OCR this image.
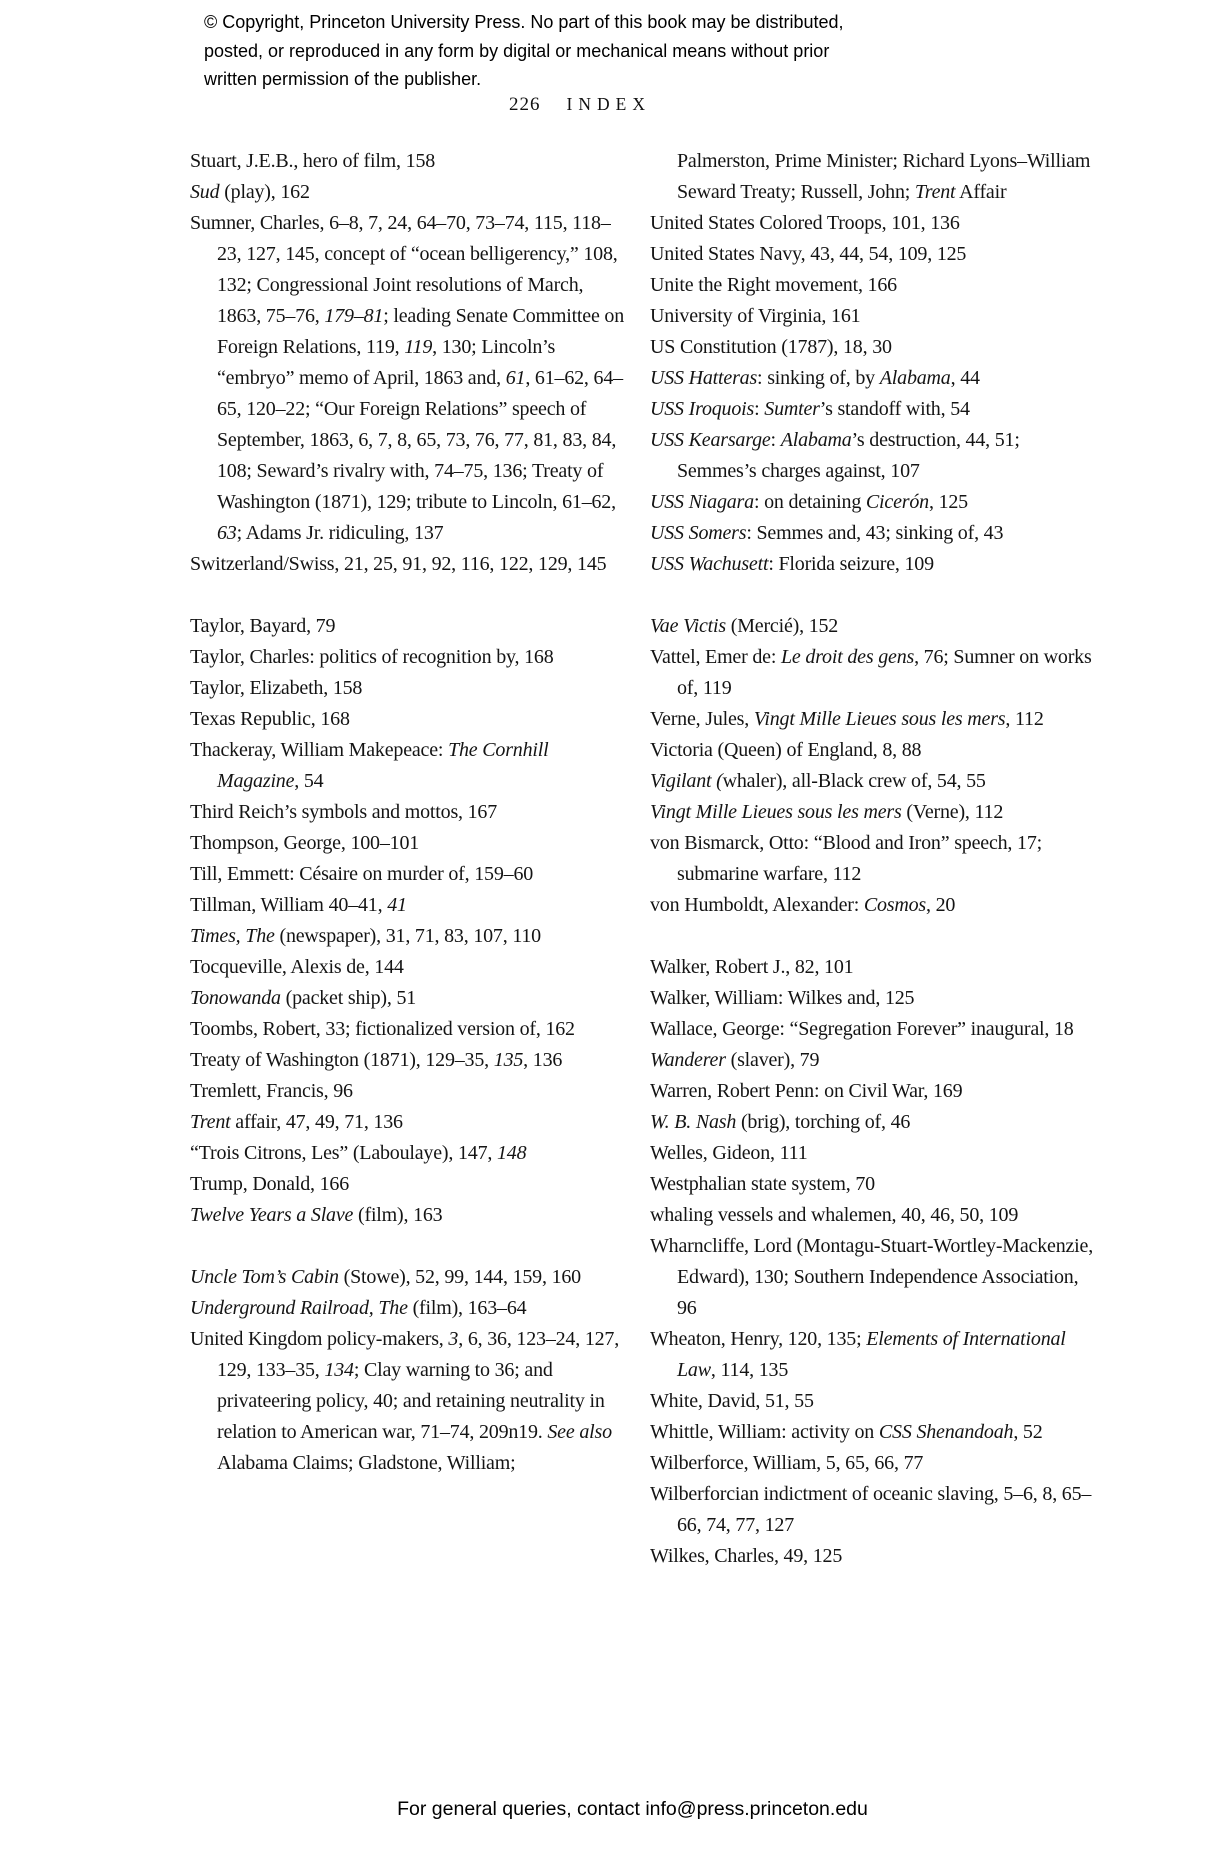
© Copyright, Princeton University Press. No part of this book may be distributed, posted, or reproduced in any form by digital or mechanical means without prior written permission of the publisher.
226 INDEX
Stuart, J.E.B., hero of film, 158
Sud (play), 162
Sumner, Charles, 6–8, 7, 24, 64–70, 73–74, 115, 118–23, 127, 145, concept of “ocean belligerency,” 108, 132; Congressional Joint resolutions of March, 1863, 75–76, 179–81; leading Senate Committee on Foreign Relations, 119, 119, 130; Lincoln’s “embryo” memo of April, 1863 and, 61, 61–62, 64–65, 120–22; “Our Foreign Relations” speech of September, 1863, 6, 7, 8, 65, 73, 76, 77, 81, 83, 84, 108; Seward’s rivalry with, 74–75, 136; Treaty of Washington (1871), 129; tribute to Lincoln, 61–62, 63; Adams Jr. ridiculing, 137
Switzerland/Swiss, 21, 25, 91, 92, 116, 122, 129, 145
Taylor, Bayard, 79
Taylor, Charles: politics of recognition by, 168
Taylor, Elizabeth, 158
Texas Republic, 168
Thackeray, William Makepeace: The Cornhill Magazine, 54
Third Reich’s symbols and mottos, 167
Thompson, George, 100–101
Till, Emmett: Césaire on murder of, 159–60
Tillman, William 40–41, 41
Times, The (newspaper), 31, 71, 83, 107, 110
Tocqueville, Alexis de, 144
Tonowanda (packet ship), 51
Toombs, Robert, 33; fictionalized version of, 162
Treaty of Washington (1871), 129–35, 135, 136
Tremlett, Francis, 96
Trent affair, 47, 49, 71, 136
“Trois Citrons, Les” (Laboulaye), 147, 148
Trump, Donald, 166
Twelve Years a Slave (film), 163
Uncle Tom’s Cabin (Stowe), 52, 99, 144, 159, 160
Underground Railroad, The (film), 163–64
United Kingdom policy-makers, 3, 6, 36, 123–24, 127, 129, 133–35, 134; Clay warning to 36; and privateering policy, 40; and retaining neutrality in relation to American war, 71–74, 209n19. See also Alabama Claims; Gladstone, William;
Palmerston, Prime Minister; Richard Lyons–William Seward Treaty; Russell, John; Trent Affair
United States Colored Troops, 101, 136
United States Navy, 43, 44, 54, 109, 125
Unite the Right movement, 166
University of Virginia, 161
US Constitution (1787), 18, 30
USS Hatteras: sinking of, by Alabama, 44
USS Iroquois: Sumter’s standoff with, 54
USS Kearsarge: Alabama’s destruction, 44, 51; Semmes’s charges against, 107
USS Niagara: on detaining Cicerón, 125
USS Somers: Semmes and, 43; sinking of, 43
USS Wachusett: Florida seizure, 109
Vae Victis (Mercié), 152
Vattel, Emer de: Le droit des gens, 76; Sumner on works of, 119
Verne, Jules, Vingt Mille Lieues sous les mers, 112
Victoria (Queen) of England, 8, 88
Vigilant (whaler), all-Black crew of, 54, 55
Vingt Mille Lieues sous les mers (Verne), 112
von Bismarck, Otto: “Blood and Iron” speech, 17; submarine warfare, 112
von Humboldt, Alexander: Cosmos, 20
Walker, Robert J., 82, 101
Walker, William: Wilkes and, 125
Wallace, George: “Segregation Forever” inaugural, 18
Wanderer (slaver), 79
Warren, Robert Penn: on Civil War, 169
W. B. Nash (brig), torching of, 46
Welles, Gideon, 111
Westphalian state system, 70
whaling vessels and whalemen, 40, 46, 50, 109
Wharncliffe, Lord (Montagu-Stuart-Wortley-Mackenzie, Edward), 130; Southern Independence Association, 96
Wheaton, Henry, 120, 135; Elements of International Law, 114, 135
White, David, 51, 55
Whittle, William: activity on CSS Shenandoah, 52
Wilberforce, William, 5, 65, 66, 77
Wilberforcian indictment of oceanic slaving, 5–6, 8, 65–66, 74, 77, 127
Wilkes, Charles, 49, 125
For general queries, contact info@press.princeton.edu
